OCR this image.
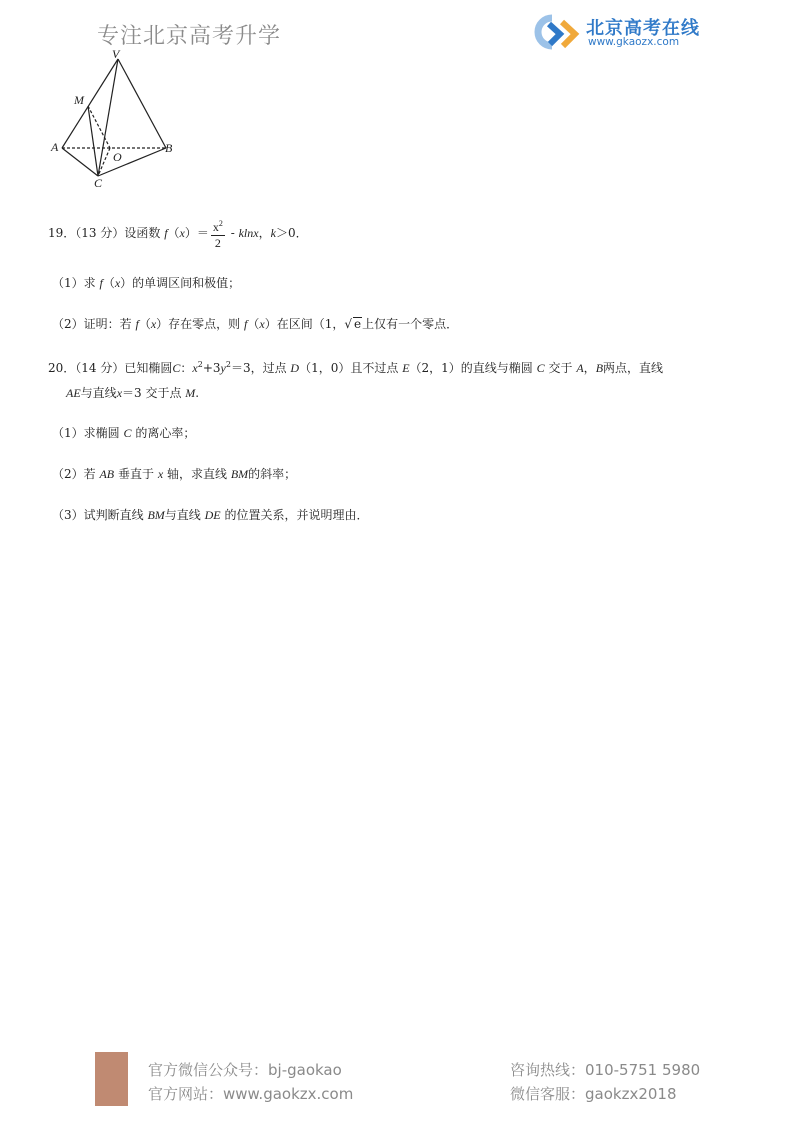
专注北京高考升学	北京高考在线
www.gkaozx.com
V
M
A
O
B
C
19．（13 分）设函数 $f(x)= \frac{x^2}{2} - klnx$，k＞0．
（1）求 f（x）的单调区间和极值；
（2）证明：若 f（x）存在零点，则 f（x）在区间（1，√ e上仅有一个零点．
20．（14 分）已知椭圆C：$x^2+3y^2=3$，过点 D（1，0）且不过点 E（2，1）的直线与椭圆 C 交于 A，B两点，直线
AE与直线x＝3 交于点 M.
（1）求椭圆 C 的离心率；
（2）若 AB 垂直于 x 轴，求直线 BM的斜率；
（3）试判断直线 BM与直线 DE 的位置关系，并说明理由．
官方微信公众号：bj-gaokao
官方网站：www.gaokzx.com
咨询热线：010-5751 5980
微信客服：gaokzx2018
